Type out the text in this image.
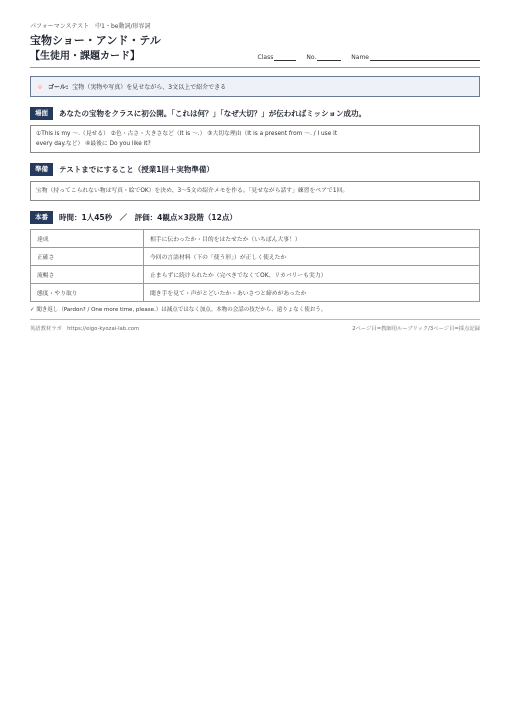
パフォーマンステスト　中1・be動詞/形容詞
宝物ショー・アンド・テル
【生徒用・課題カード】	Class	No.	Name
ゴール: 宝物（実物や写真）を見せながら、3文以上で紹介できる
場面	あなたの宝物をクラスに初公開。「これは何？」「なぜ大切？」が伝わればミッション成功。
①This is my ～.（見せる） ②色・古さ・大きさなど（It is ～.） ③大切な理由（It is a present from ～. / I use it
every day.など） ④最後に Do you like it?
準備	テストまでにすること（授業1回＋実物準備）
宝物（持ってこられない物は写真・絵でOK）を決め、3～5文の紹介メモを作る。「見せながら話す」練習をペアで1回。
本番	時間：1人45秒　／　評価：4観点×3段階（12点）
達成	相手に伝わったか・目的をはたせたか（いちばん大事！）
正確さ	今回の言語材料（下の「使う形」）が正しく使えたか
流暢さ	止まらずに続けられたか（完ぺきでなくてOK、リカバリーも実力）
態度・やり取り	聞き手を見て・声がとどいたか・あいさつと締めがあったか
✓ 聞き返し（Pardon? / One more time, please.）は減点ではなく加点。本物の会話の技だから、遠りょなく使おう。
英語教材ラボ　https://eigo-kyozai-lab.com	2ページ目=教師用ルーブリック/3ページ目=採点記録
